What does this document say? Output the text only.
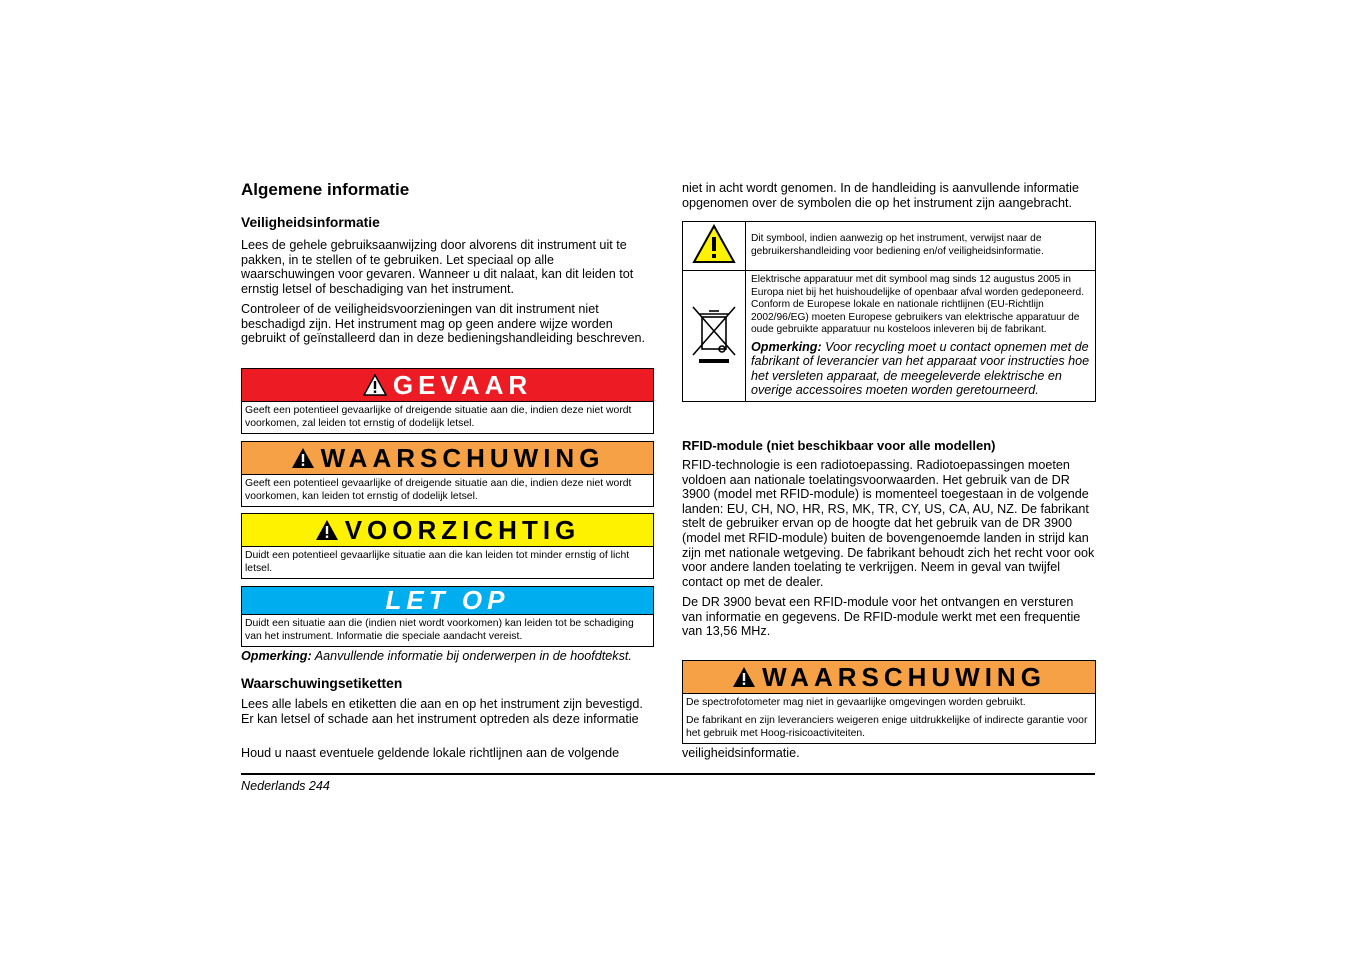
Algemene informatie
Veiligheidsinformatie
Lees de gehele gebruiksaanwijzing door alvorens dit instrument uit te pakken, in te stellen of te gebruiken. Let speciaal op alle waarschuwingen voor gevaren. Wanneer u dit nalaat, kan dit leiden tot ernstig letsel of beschadiging van het instrument.
Controleer of de veiligheidsvoorzieningen van dit instrument niet beschadigd zijn. Het instrument mag op geen andere wijze worden gebruikt of geïnstalleerd dan in deze bedieningshandleiding beschreven.
GEVAAR
Geeft een potentieel gevaarlijke of dreigende situatie aan die, indien deze niet wordt voorkomen, zal leiden tot ernstig of dodelijk letsel.
WAARSCHUWING
Geeft een potentieel gevaarlijke of dreigende situatie aan die, indien deze niet wordt voorkomen, kan leiden tot ernstig of dodelijk letsel.
VOORZICHTIG
Duidt een potentieel gevaarlijke situatie aan die kan leiden tot minder ernstig of licht letsel.
LET OP
Duidt een situatie aan die (indien niet wordt voorkomen) kan leiden tot be schadiging van het instrument. Informatie die speciale aandacht vereist.
Opmerking: Aanvullende informatie bij onderwerpen in de hoofdtekst.
Waarschuwingsetiketten
Lees alle labels en etiketten die aan en op het instrument zijn bevestigd. Er kan letsel of schade aan het instrument optreden als deze informatie
Houd u naast eventuele geldende lokale richtlijnen aan de volgende
niet in acht wordt genomen. In de handleiding is aanvullende informatie opgenomen over de symbolen die op het instrument zijn aangebracht.
	Dit symbool, indien aanwezig op het instrument, verwijst naar de gebruikershandleiding voor bediening en/of veiligheidsinformatie.

Elektrische apparatuur met dit symbool mag sinds 12 augustus 2005 in Europa niet bij het huishoudelijke of openbaar afval worden gedeponeerd. Conform de Europese lokale en nationale richtlijnen (EU-Richtlijn 2002/96/EG) moeten Europese gebruikers van elektrische apparatuur de oude gebruikte apparatuur nu kosteloos inleveren bij de fabrikant.
Opmerking: Voor recycling moet u contact opnemen met de fabrikant of leverancier van het apparaat voor instructies hoe het versleten apparaat, de meegeleverde elektrische en overige accessoires moeten worden geretourneerd.
RFID-module (niet beschikbaar voor alle modellen)
RFID-technologie is een radiotoepassing. Radiotoepassingen moeten voldoen aan nationale toelatingsvoorwaarden. Het gebruik van de DR 3900 (model met RFID-module) is momenteel toegestaan in de volgende landen: EU, CH, NO, HR, RS, MK, TR, CY, US, CA, AU, NZ. De fabrikant stelt de gebruiker ervan op de hoogte dat het gebruik van de DR 3900 (model met RFID-module) buiten de bovengenoemde landen in strijd kan zijn met nationale wetgeving. De fabrikant behoudt zich het recht voor ook voor andere landen toelating te verkrijgen. Neem in geval van twijfel contact op met de dealer.
De DR 3900 bevat een RFID-module voor het ontvangen en versturen van informatie en gegevens. De RFID-module werkt met een frequentie van 13,56 MHz.
WAARSCHUWING
De spectrofotometer mag niet in gevaarlijke omgevingen worden gebruikt.
De fabrikant en zijn leveranciers weigeren enige uitdrukkelijke of indirecte garantie voor het gebruik met Hoog-risicoactiviteiten.
veiligheidsinformatie.
Nederlands 244
